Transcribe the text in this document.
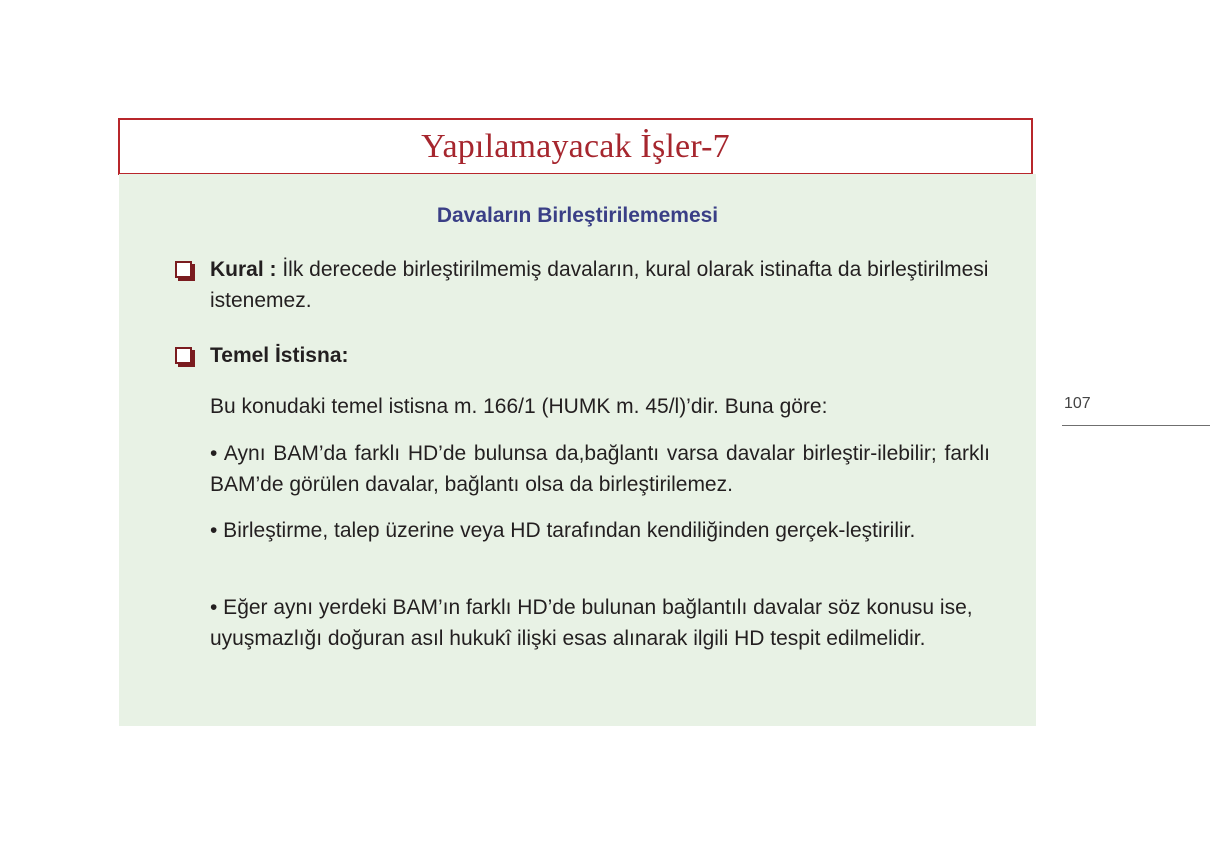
Yapılamayacak İşler-7
Davaların Birleştirilememesi
Kural : İlk derecede birleştirilmemiş davaların, kural olarak istinafta da birleştirilmesi istenemez.
Temel İstisna:
Bu konudaki temel istisna m. 166/1 (HUMK m. 45/l)’dir. Buna göre:
• Aynı BAM’da farklı HD’de bulunsa da,bağlantı varsa davalar birleştir-ilebilir; farklı BAM’de görülen davalar, bağlantı olsa da birleştirilemez.
• Birleştirme, talep üzerine veya HD tarafından kendiliğinden gerçek-leştirilir.
• Eğer aynı yerdeki BAM’ın farklı HD’de bulunan bağlantılı davalar söz konusu ise, uyuşmazlığı doğuran asıl hukukî ilişki esas alınarak ilgili HD tespit edilmelidir.
107
